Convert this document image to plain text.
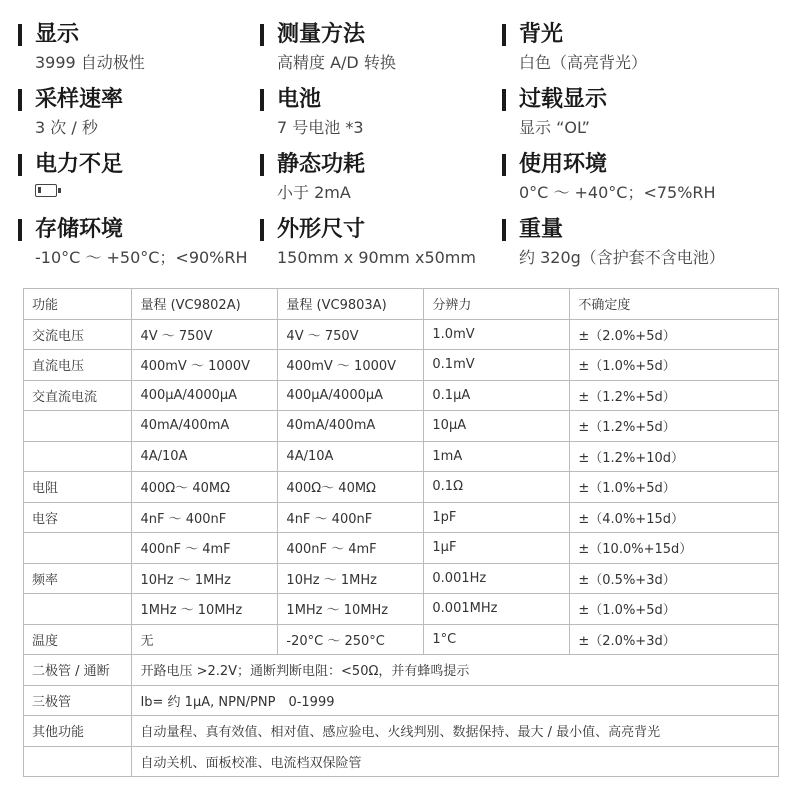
显示
3999 自动极性
测量方法
高精度 A/D 转换
背光
白色（高亮背光）
采样速率
3 次 / 秒
电池
7 号电池 *3
过载显示
显示 “OL”
电力不足	静态功耗
小于 2mA
使用环境
0°C ～ +40°C；<75%RH
存储环境
-10°C ～ +50°C；<90%RH
外形尺寸
150mm x 90mm x50mm
重量
约 320g（含护套不含电池）
功能	量程 (VC9802A)	量程 (VC9803A)	分辨力	不确定度
交流电压	4V ～ 750V	4V ～ 750V	1.0mV	±（2.0%+5d）
直流电压	400mV ～ 1000V	400mV ～ 1000V	0.1mV	±（1.0%+5d）
交直流电流	400μA/4000μA	400μA/4000μA	0.1μA	±（1.2%+5d）
	40mA/400mA	40mA/400mA	10μA	±（1.2%+5d）
	4A/10A	4A/10A	1mA	±（1.2%+10d）
电阻	400Ω～ 40MΩ	400Ω～ 40MΩ	0.1Ω	±（1.0%+5d）
电容	4nF ～ 400nF	4nF ～ 400nF	1pF	±（4.0%+15d）
	400nF ～ 4mF	400nF ～ 4mF	1μF	±（10.0%+15d）
频率	10Hz ～ 1MHz	10Hz ～ 1MHz	0.001Hz	±（0.5%+3d）
	1MHz ～ 10MHz	1MHz ～ 10MHz	0.001MHz	±（1.0%+5d）
温度	无	-20°C ～ 250°C	1°C	±（2.0%+3d）
二极管 / 通断	开路电压 >2.2V；通断判断电阻：<50Ω，并有蜂鸣提示			
三极管	Ib= 约 1μA, NPN/PNP　0-1999			
其他功能	自动量程、真有效值、相对值、感应验电、火线判别、数据保持、最大 / 最小值、高亮背光			
	自动关机、面板校准、电流档双保险管			
